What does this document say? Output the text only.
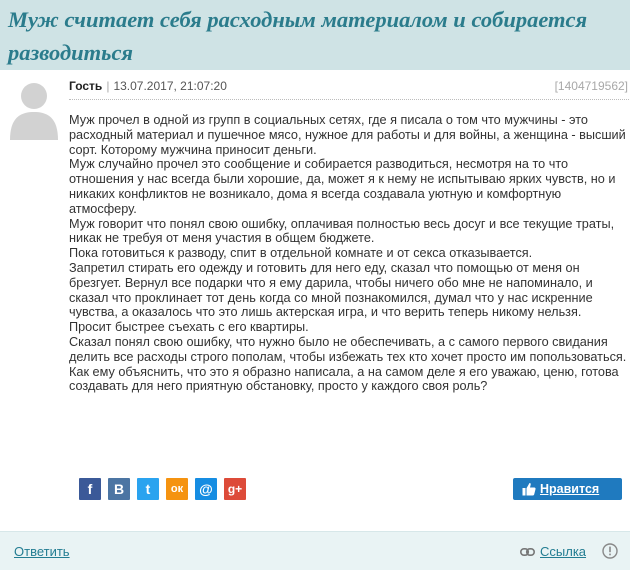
Муж считает себя расходным материалом и собирается разводиться
Гость | 13.07.2017, 21:07:20	[1404719562]

Муж прочел в одной из групп в социальных сетях, где я писала о том что мужчины - это расходный материал и пушечное мясо, нужное для работы и для войны, а женщина - высший сорт. Которому мужчина приносит деньги.

Муж случайно прочел это сообщение и собирается разводиться, несмотря на то что отношения у нас всегда были хорошие, да, может я к нему не испытываю ярких чувств, но и никаких конфликтов не возникало, дома я всегда создавала уютную и комфортную атмосферу.

Муж говорит что понял свою ошибку, оплачивая полностью весь досуг и все текущие траты, никак не требуя от меня участия в общем бюджете.

Пока готовиться к разводу, спит в отдельной комнате и от секса отказывается.

Запретил стирать его одежду и готовить для него еду, сказал что помощью от меня он брезгует. Вернул все подарки что я ему дарила, чтобы ничего обо мне не напоминало, и сказал что проклинает тот день когда со мной познакомился, думал что у нас искренние чувства, а оказалось что это лишь актерская игра, и что верить теперь никому нельзя.

Просит быстрее съехать с его квартиры.

Сказал понял свою ошибку, что нужно было не обеспечивать, а с самого первого свидания делить все расходы строго пополам, чтобы избежать тех кто хочет просто им попользоваться.

Как ему объяснить, что это я образно написала, а на самом деле я его уважаю, ценю, готова создавать для него приятную обстановку, просто у каждого своя роль?

f В t ок @ g+	Нравится
Ответить	Ссылка
